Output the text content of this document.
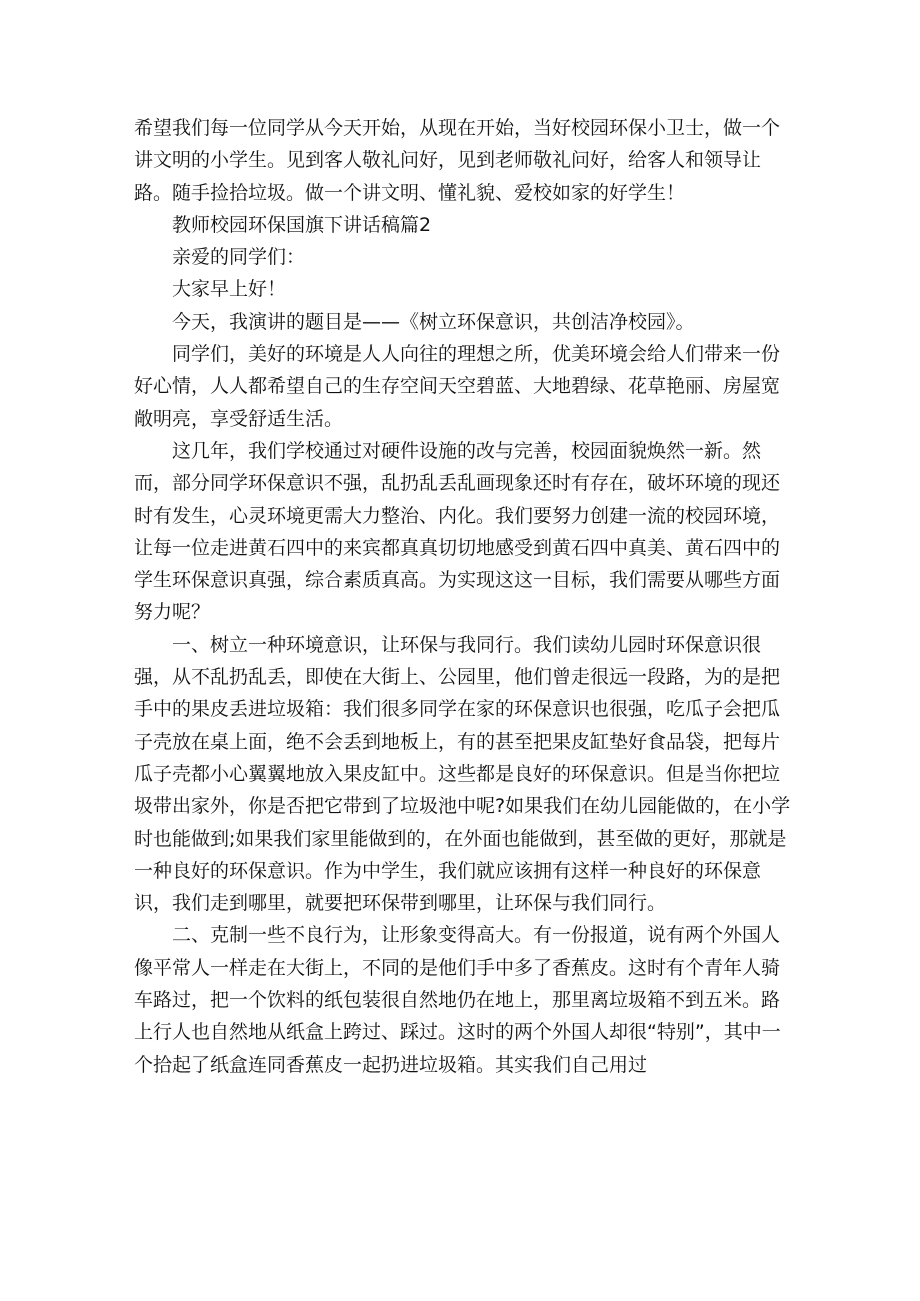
希望我们每一位同学从今天开始，从现在开始，当好校园环保小卫士，做一个讲文明的小学生。见到客人敬礼问好，见到老师敬礼问好，给客人和领导让路。随手捡拾垃圾。做一个讲文明、懂礼貌、爱校如家的好学生！

教师校园环保国旗下讲话稿篇2

亲爱的同学们：

大家早上好！

今天，我演讲的题目是——《树立环保意识，共创洁净校园》。

同学们，美好的环境是人人向往的理想之所，优美环境会给人们带来一份好心情，人人都希望自己的生存空间天空碧蓝、大地碧绿、花草艳丽、房屋宽敞明亮，享受舒适生活。

这几年，我们学校通过对硬件设施的改与完善，校园面貌焕然一新。然而，部分同学环保意识不强，乱扔乱丢乱画现象还时有存在，破坏环境的现还时有发生，心灵环境更需大力整治、内化。我们要努力创建一流的校园环境，让每一位走进黄石四中的来宾都真真切切地感受到黄石四中真美、黄石四中的学生环保意识真强，综合素质真高。为实现这这一目标，我们需要从哪些方面努力呢？

一、树立一种环境意识，让环保与我同行。我们读幼儿园时环保意识很强，从不乱扔乱丢，即使在大街上、公园里，他们曾走很远一段路，为的是把手中的果皮丢进垃圾箱：我们很多同学在家的环保意识也很强，吃瓜子会把瓜子壳放在桌上面，绝不会丢到地板上，有的甚至把果皮缸垫好食品袋，把每片瓜子壳都小心翼翼地放入果皮缸中。这些都是良好的环保意识。但是当你把垃圾带出家外，你是否把它带到了垃圾池中呢?如果我们在幼儿园能做的，在小学时也能做到;如果我们家里能做到的，在外面也能做到，甚至做的更好，那就是一种良好的环保意识。作为中学生，我们就应该拥有这样一种良好的环保意识，我们走到哪里，就要把环保带到哪里，让环保与我们同行。

二、克制一些不良行为，让形象变得高大。有一份报道，说有两个外国人像平常人一样走在大街上，不同的是他们手中多了香蕉皮。这时有个青年人骑车路过，把一个饮料的纸包装很自然地仍在地上，那里离垃圾箱不到五米。路上行人也自然地从纸盒上跨过、踩过。这时的两个外国人却很“特别”，其中一个拾起了纸盒连同香蕉皮一起扔进垃圾箱。其实我们自己用过
